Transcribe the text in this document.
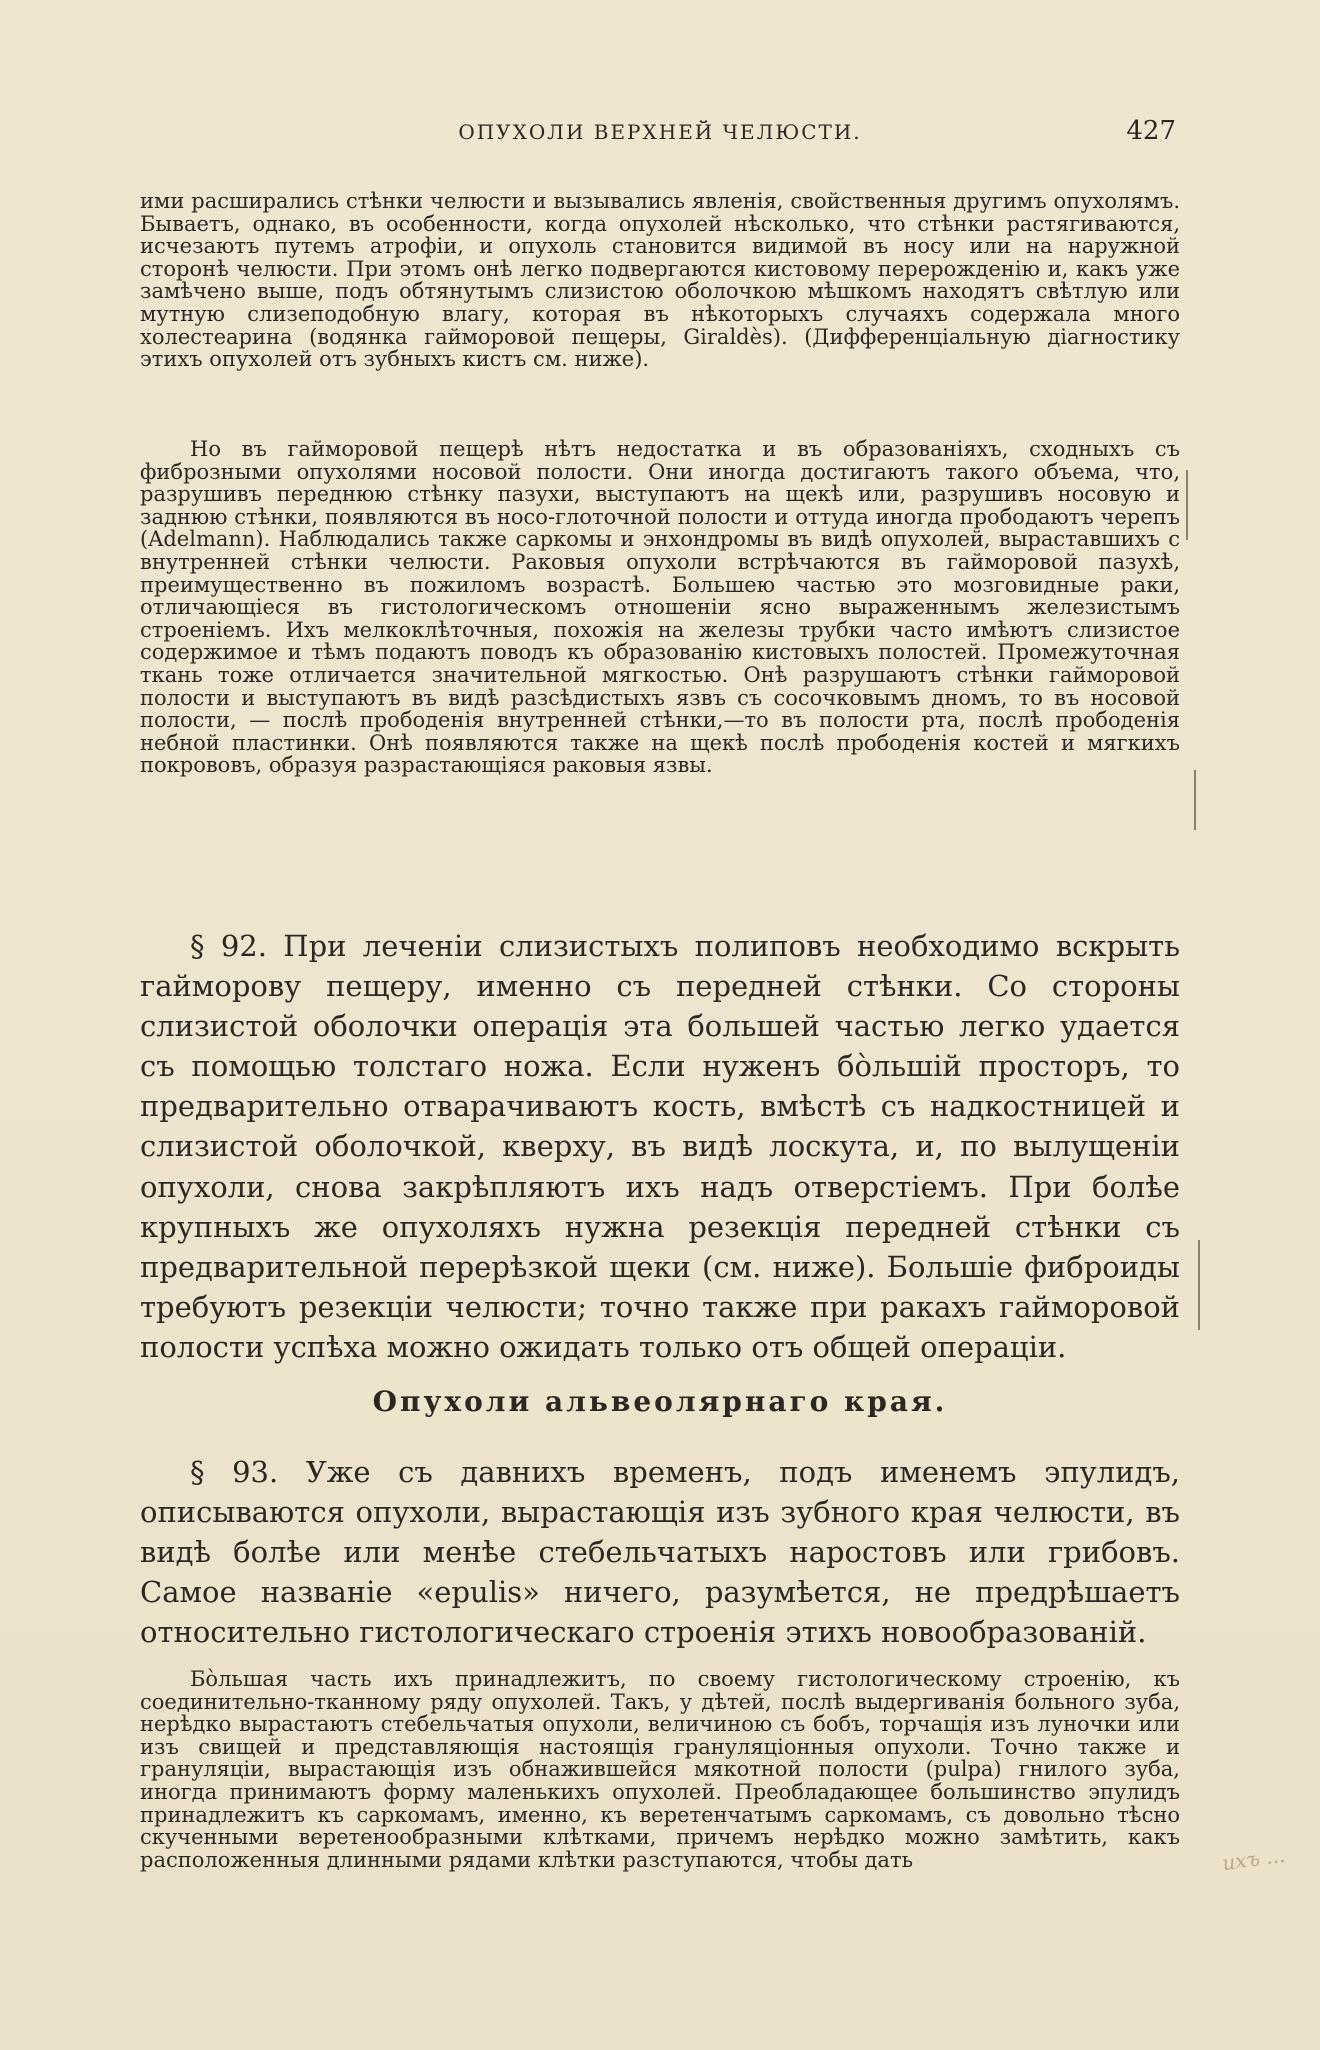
ОПУХОЛИ ВЕРХНЕЙ ЧЕЛЮСТИ.	427

ими расширались стѣнки челюсти и вызывались явленія, свойственныя другимъ опухолямъ. Бываетъ, однако, въ особенности, когда опухолей нѣсколько, что стѣнки растягиваются, исчезаютъ путемъ атрофіи, и опухоль становится видимой въ носу или на наружной сторонѣ челюсти. При этомъ онѣ легко подвергаются кистовому перерожденію и, какъ уже замѣчено выше, подъ обтянутымъ слизистою оболочкою мѣшкомъ находятъ свѣтлую или мутную слизеподобную влагу, которая въ нѣкоторыхъ случаяхъ содержала много холестеарина (водянка гайморовой пещеры, Giraldès). (Дифференціальную діагностику этихъ опухолей отъ зубныхъ кистъ см. ниже).

Но въ гайморовой пещерѣ нѣтъ недостатка и въ образованіяхъ, сходныхъ съ фиброзными опухолями носовой полости. Они иногда достигаютъ такого объема, что, разрушивъ переднюю стѣнку пазухи, выступаютъ на щекѣ или, разрушивъ носовую и заднюю стѣнки, появляются въ носо-глоточной полости и оттуда иногда прободаютъ черепъ (Adelmann). Наблюдались также саркомы и энхондромы въ видѣ опухолей, выраставшихъ с внутренней стѣнки челюсти. Раковыя опухоли встрѣчаются въ гайморовой пазухѣ, преимущественно въ пожиломъ возрастѣ. Большею частью это мозговидные раки, отличающіеся въ гистологическомъ отношеніи ясно выраженнымъ железистымъ строеніемъ. Ихъ мелкоклѣточныя, похожія на железы трубки часто имѣютъ слизистое содержимое и тѣмъ подаютъ поводъ къ образованію кистовыхъ полостей. Промежуточная ткань тоже отличается значительной мягкостью. Онѣ разрушаютъ стѣнки гайморовой полости и выступаютъ въ видѣ разсѣдистыхъ язвъ съ сосочковымъ дномъ, то въ носовой полости, — послѣ прободенія внутренней стѣнки,—то въ полости рта, послѣ прободенія небной пластинки. Онѣ появляются также на щекѣ послѣ прободенія костей и мягкихъ покрововъ, образуя разрастающіяся раковыя язвы.

§ 92. При леченіи слизистыхъ полиповъ необходимо вскрыть гайморову пещеру, именно съ передней стѣнки. Со стороны слизистой оболочки операція эта большей частью легко удается съ помощью толстаго ножа. Если нуженъ бо̀льшій просторъ, то предварительно отварачиваютъ кость, вмѣстѣ съ надкостницей и слизистой оболочкой, кверху, въ видѣ лоскута, и, по вылущеніи опухоли, снова закрѣпляютъ ихъ надъ отверстіемъ. При болѣе крупныхъ же опухоляхъ нужна резекція передней стѣнки съ предварительной перерѣзкой щеки (см. ниже). Большіе фиброиды требуютъ резекціи челюсти; точно также при ракахъ гайморовой полости успѣха можно ожидать только отъ общей операціи.

Опухоли альвеолярнаго края.

§ 93. Уже съ давнихъ временъ, подъ именемъ эпулидъ, описываются опухоли, вырастающія изъ зубного края челюсти, въ видѣ болѣе или менѣе стебельчатыхъ наростовъ или грибовъ. Самое названіе «epulis» ничего, разумѣется, не предрѣшаетъ относительно гистологическаго строенія этихъ новообразованій.

Бо̀льшая часть ихъ принадлежитъ, по своему гистологическому строенію, къ соединительно-тканному ряду опухолей. Такъ, у дѣтей, послѣ выдергиванія больного зуба, нерѣдко вырастаютъ стебельчатыя опухоли, величиною съ бобъ, торчащія изъ луночки или изъ свищей и представляющія настоящія грануляціонныя опухоли. Точно также и грануляціи, вырастающія изъ обнажившейся мякотной полости (pulpa) гнилого зуба, иногда принимаютъ форму маленькихъ опухолей. Преобладающее большинство эпулидъ принадлежитъ къ саркомамъ, именно, къ веретенчатымъ саркомамъ, съ довольно тѣсно скученными веретенообразными клѣтками, причемъ нерѣдко можно замѣтить, какъ расположенныя длинными рядами клѣтки разступаются, чтобы дать	ихъ ...
